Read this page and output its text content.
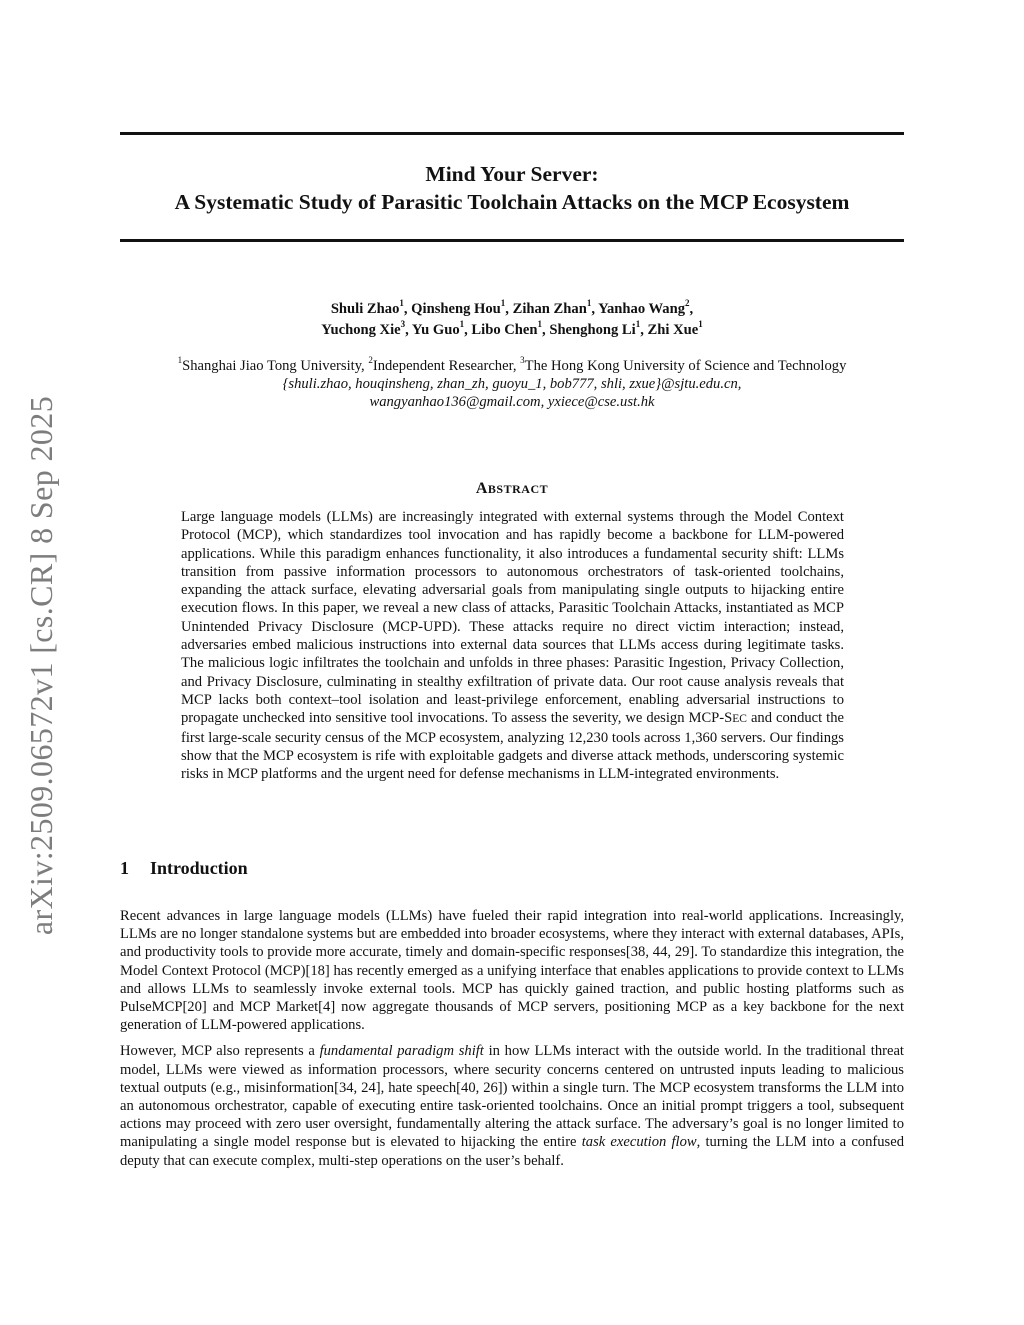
arXiv:2509.06572v1 [cs.CR] 8 Sep 2025
Mind Your Server:
A Systematic Study of Parasitic Toolchain Attacks on the MCP Ecosystem
Shuli Zhao$^1$, Qinsheng Hou$^1$, Zihan Zhan$^1$, Yanhao Wang$^2$,
Yuchong Xie$^3$, Yu Guo$^1$, Libo Chen$^1$, Shenghong Li$^1$, Zhi Xue$^1$
$^1$Shanghai Jiao Tong University, $^2$Independent Researcher, $^3$The Hong Kong University of Science and Technology
{shuli.zhao, houqinsheng, zhan_zh, guoyu_1, bob777, shli, zxue}@sjtu.edu.cn,
wangyanhao136@gmail.com, yxiece@cse.ust.hk
ABSTRACT
Large language models (LLMs) are increasingly integrated with external systems through the Model Context Protocol (MCP), which standardizes tool invocation and has rapidly become a backbone for LLM-powered applications. While this paradigm enhances functionality, it also introduces a fundamental security shift: LLMs transition from passive information processors to autonomous orchestrators of task-oriented toolchains, expanding the attack surface, elevating adversarial goals from manipulating single outputs to hijacking entire execution flows. In this paper, we reveal a new class of attacks, Parasitic Toolchain Attacks, instantiated as MCP Unintended Privacy Disclosure (MCP-UPD). These attacks require no direct victim interaction; instead, adversaries embed malicious instructions into external data sources that LLMs access during legitimate tasks. The malicious logic infiltrates the toolchain and unfolds in three phases: Parasitic Ingestion, Privacy Collection, and Privacy Disclosure, culminating in stealthy exfiltration of private data. Our root cause analysis reveals that MCP lacks both context–tool isolation and least-privilege enforcement, enabling adversarial instructions to propagate unchecked into sensitive tool invocations. To assess the severity, we design MCP-SEC and conduct the first large-scale security census of the MCP ecosystem, analyzing 12,230 tools across 1,360 servers. Our findings show that the MCP ecosystem is rife with exploitable gadgets and diverse attack methods, underscoring systemic risks in MCP platforms and the urgent need for defense mechanisms in LLM-integrated environments.
1 Introduction

Recent advances in large language models (LLMs) have fueled their rapid integration into real-world applications. Increasingly, LLMs are no longer standalone systems but are embedded into broader ecosystems, where they interact with external databases, APIs, and productivity tools to provide more accurate, timely and domain-specific responses[38, 44, 29]. To standardize this integration, the Model Context Protocol (MCP)[18] has recently emerged as a unifying interface that enables applications to provide context to LLMs and allows LLMs to seamlessly invoke external tools. MCP has quickly gained traction, and public hosting platforms such as PulseMCP[20] and MCP Market[4] now aggregate thousands of MCP servers, positioning MCP as a key backbone for the next generation of LLM-powered applications.

However, MCP also represents a fundamental paradigm shift in how LLMs interact with the outside world. In the traditional threat model, LLMs were viewed as information processors, where security concerns centered on untrusted inputs leading to malicious textual outputs (e.g., misinformation[34, 24], hate speech[40, 26]) within a single turn. The MCP ecosystem transforms the LLM into an autonomous orchestrator, capable of executing entire task-oriented toolchains. Once an initial prompt triggers a tool, subsequent actions may proceed with zero user oversight, fundamentally altering the attack surface. The adversary’s goal is no longer limited to manipulating a single model response but is elevated to hijacking the entire task execution flow, turning the LLM into a confused deputy that can execute complex, multi-step operations on the user’s behalf.
